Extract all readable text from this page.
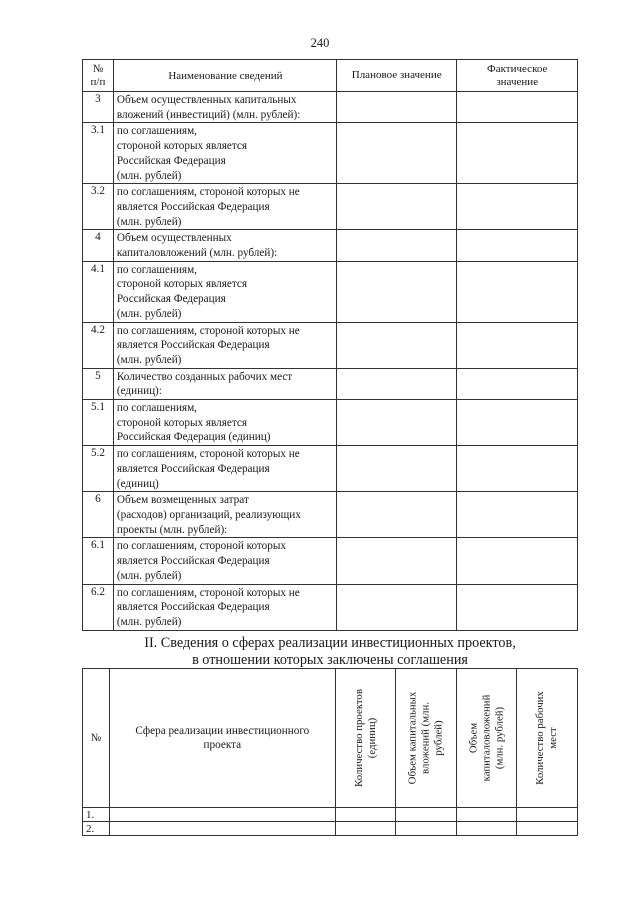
240
№
п/п	Наименование сведений	Плановое значение	Фактическое
значение
3	Объем осуществленных капитальных
вложений (инвестиций) (млн. рублей):		
3.1	по соглашениям,
стороной которых является
Российская Федерация
(млн. рублей)		
3.2	по соглашениям, стороной которых не
является Российская Федерация
(млн. рублей)		
4	Объем осуществленных
капиталовложений (млн. рублей):		
4.1	по соглашениям,
стороной которых является
Российская Федерация
(млн. рублей)		
4.2	по соглашениям, стороной которых не
является Российская Федерация
(млн. рублей)		
5	Количество созданных рабочих мест
(единиц):		
5.1	по соглашениям,
стороной которых является
Российская Федерация (единиц)		
5.2	по соглашениям, стороной которых не
является Российская Федерация
(единиц)		
6	Объем возмещенных затрат
(расходов) организаций, реализующих
проекты (млн. рублей):		
6.1	по соглашениям, стороной которых
является Российская Федерация
(млн. рублей)		
6.2	по соглашениям, стороной которых не
является Российская Федерация
(млн. рублей)		
II. Сведения о сферах реализации инвестиционных проектов,
в отношении которых заключены соглашения
№	Сфера реализации инвестиционного
проекта	Количество проектов
(единиц)	Объем капитальных
вложений (млн.
рублей)	Объем
капиталовложений
(млн. рублей)	Количество рабочих
мест

1.					
2.					
